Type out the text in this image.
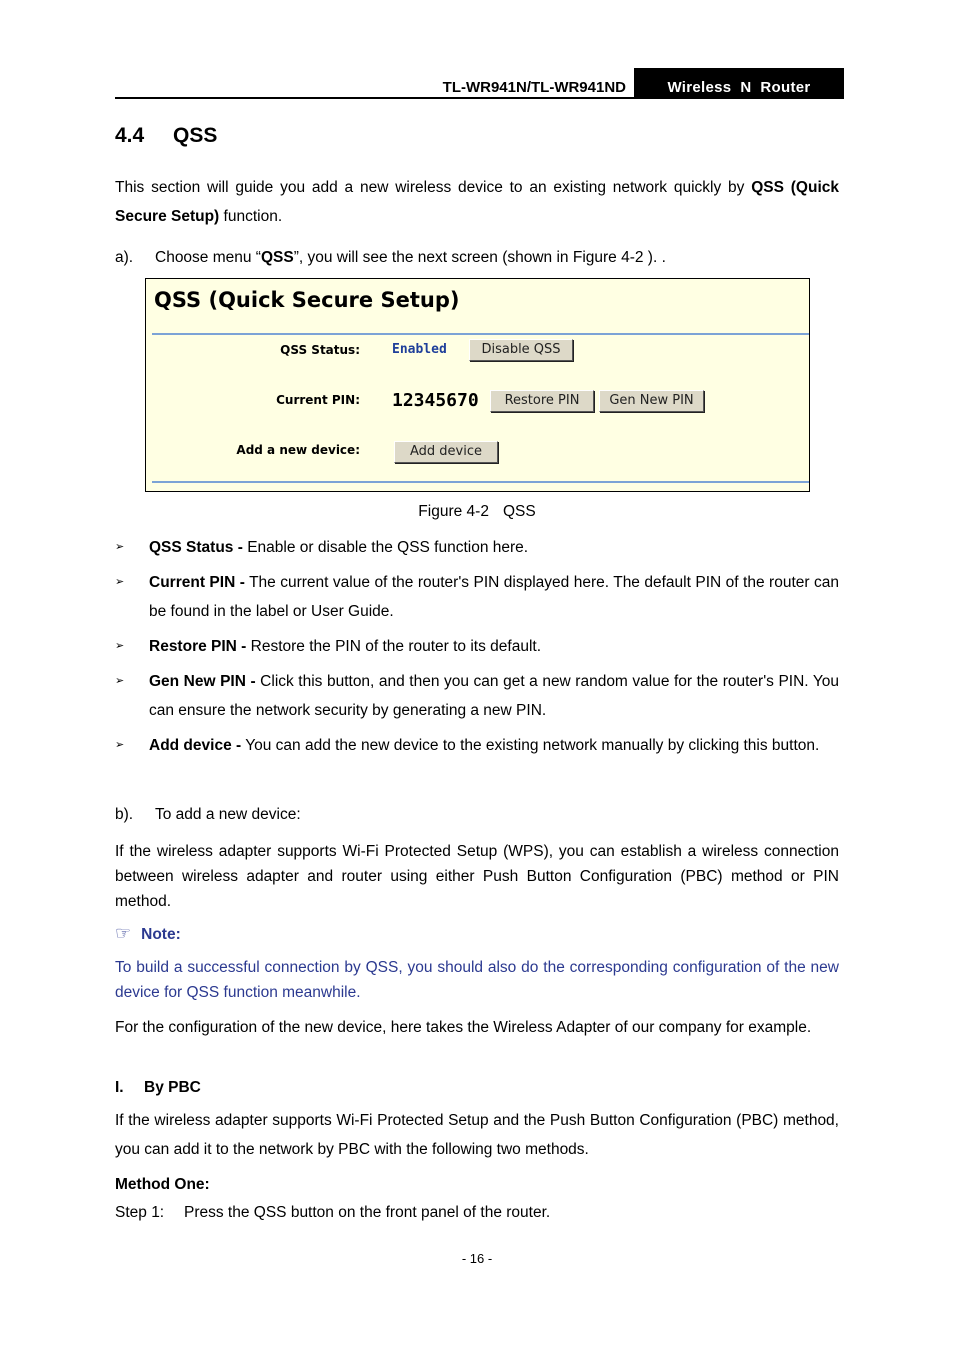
TL-WR941N/TL-WR941ND	Wireless  N  Router
4.4 QSS
This section will guide you add a new wireless device to an existing network quickly by QSS (Quick Secure Setup) function.
a). Choose menu “QSS”, you will see the next screen (shown in Figure 4-2 ). .
QSS (Quick Secure Setup)
QSS Status: Enabled	Disable QSS
Current PIN: 12345670	Restore PIN	Gen New PIN
Add a new device:	Add device
Figure 4-2 QSS
➢ QSS Status - Enable or disable the QSS function here.
➢ Current PIN - The current value of the router's PIN displayed here. The default PIN of the router can be found in the label or User Guide.
➢ Restore PIN - Restore the PIN of the router to its default.
➢ Gen New PIN - Click this button, and then you can get a new random value for the router's PIN. You can ensure the network security by generating a new PIN.
➢ Add device - You can add the new device to the existing network manually by clicking this button.
b). To add a new device:
If the wireless adapter supports Wi-Fi Protected Setup (WPS), you can establish a wireless connection between wireless adapter and router using either Push Button Configuration (PBC) method or PIN method.
☞ Note:
To build a successful connection by QSS, you should also do the corresponding configuration of the new device for QSS function meanwhile.
For the configuration of the new device, here takes the Wireless Adapter of our company for example.
I. By PBC
If the wireless adapter supports Wi-Fi Protected Setup and the Push Button Configuration (PBC) method, you can add it to the network by PBC with the following two methods.
Method One:
Step 1: Press the QSS button on the front panel of the router.
- 16 -
